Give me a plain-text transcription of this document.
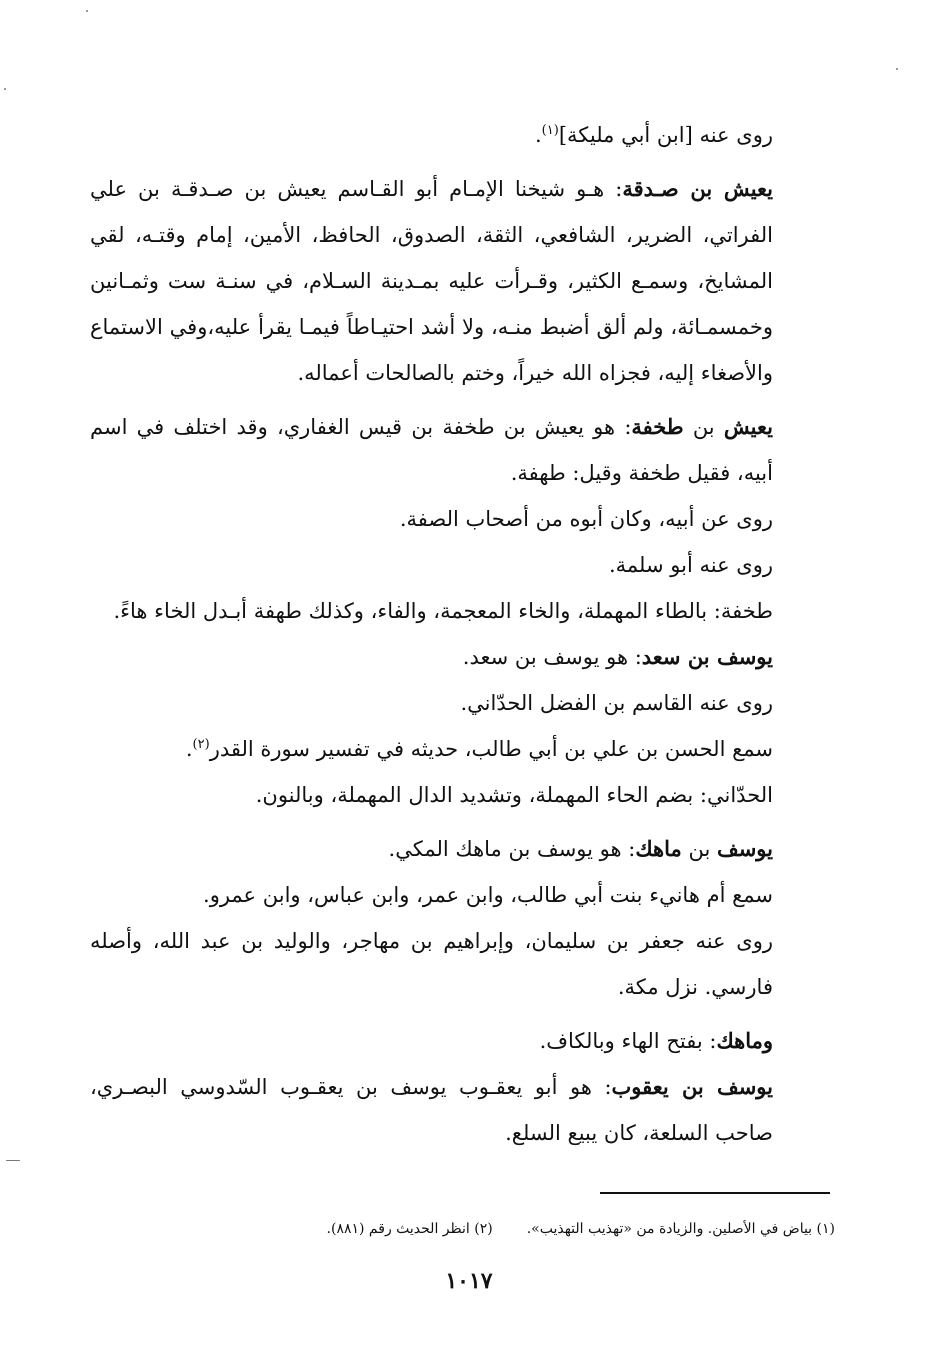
روى عنه [ابن أبي مليكة]$^{(١)}$.

يعيش بن صـدقة: هـو شيخنا الإمـام أبو القـاسم يعيش بن صـدقـة بن علي الفراتي، الضرير، الشافعي، الثقة، الصدوق، الحافظ، الأمين، إمام وقتـه، لقي المشايخ، وسمـع الكثير، وقـرأت عليه بمـدينة السـلام، في سنـة ست وثمـانين وخمسمـائة، ولم ألق أضبط منـه، ولا أشد احتيـاطاً فيمـا يقرأ عليه،وفي الاستماع والأصغاء إليه، فجزاه الله خيراً، وختم بالصالحات أعماله.

يعيش بن طخفة: هو يعيش بن طخفة بن قيس الغفاري، وقد اختلف في اسم أبيه، فقيل طخفة وقيل: طهفة.

روى عن أبيه، وكان أبوه من أصحاب الصفة.

روى عنه أبو سلمة.

طخفة: بالطاء المهملة، والخاء المعجمة، والفاء، وكذلك طهفة أبـدل الخاء هاءً.

يوسف بن سعد: هو يوسف بن سعد.

روى عنه القاسم بن الفضل الحدّاني.

سمع الحسن بن علي بن أبي طالب، حديثه في تفسير سورة القدر$^{(٢)}$.

الحدّاني: بضم الحاء المهملة، وتشديد الدال المهملة، وبالنون.

يوسف بن ماهك: هو يوسف بن ماهك المكي.

سمع أم هانيء بنت أبي طالب، وابن عمر، وابن عباس، وابن عمرو.

روى عنه جعفر بن سليمان، وإبراهيم بن مهاجر، والوليد بن عبد الله، وأصله فارسي. نزل مكة.

وماهك: بفتح الهاء وبالكاف.

يوسف بن يعقوب: هو أبو يعقـوب يوسف بن يعقـوب السّدوسي البصـري، صاحب السلعة، كان يبيع السلع.

(١) بياض في الأصلين. والزيادة من «تهذيب التهذيب».
(٢) انظر الحديث رقم (٨٨١).
١٠١٧
